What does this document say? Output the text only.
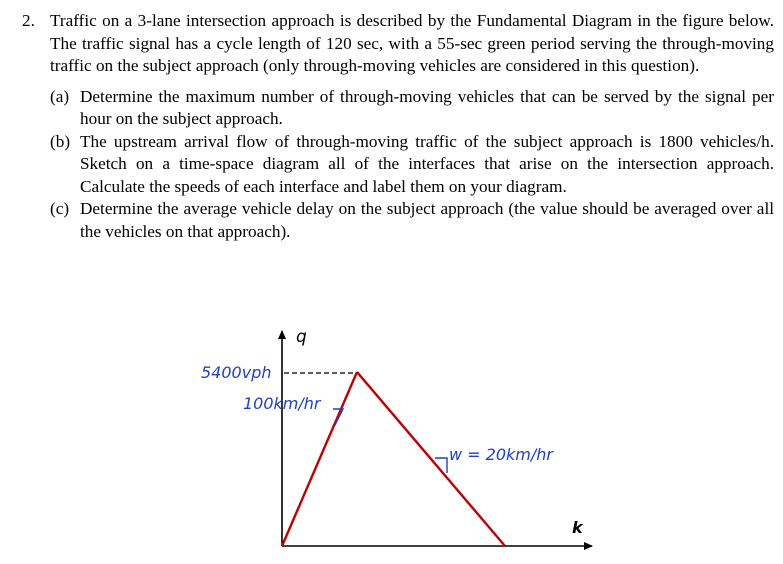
2. Traffic on a 3-lane intersection approach is described by the Fundamental Diagram in the figure below. The traffic signal has a cycle length of 120 sec, with a 55-sec green period serving the through-moving traffic on the subject approach (only through-moving vehicles are considered in this question).
(a) Determine the maximum number of through-moving vehicles that can be served by the signal per hour on the subject approach.
(b) The upstream arrival flow of through-moving traffic of the subject approach is 1800 vehicles/h. Sketch on a time-space diagram all of the interfaces that arise on the intersection approach. Calculate the speeds of each interface and label them on your diagram.
(c) Determine the average vehicle delay on the subject approach (the value should be averaged over all the vehicles on that approach).
q
k
5400vph
100km/hr
w = 20km/hr
